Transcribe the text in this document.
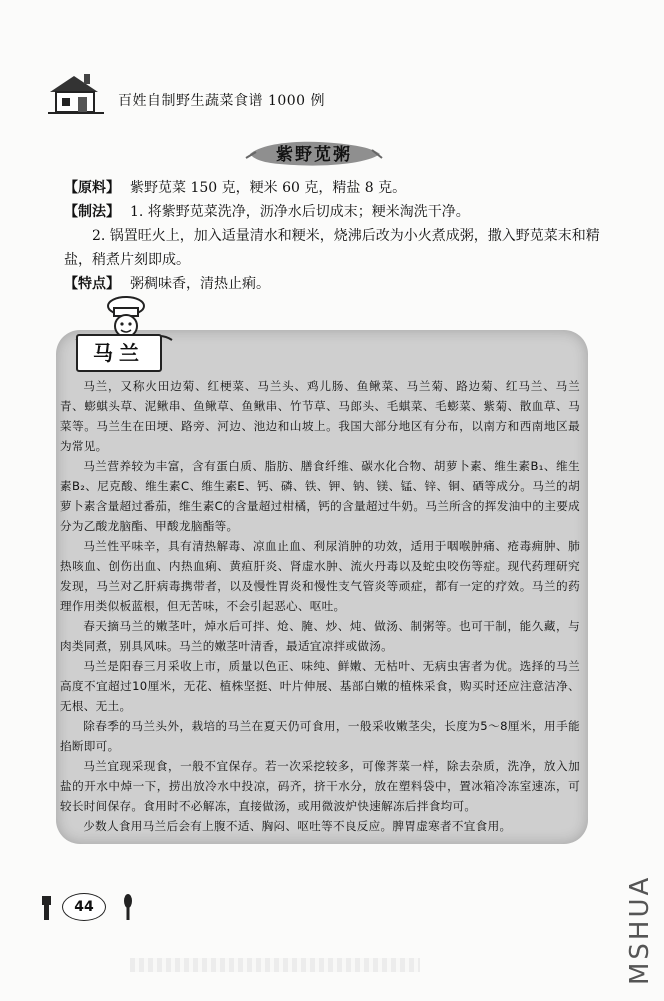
百姓自制野生蔬菜食谱 1000 例
紫野苋粥

【原料】 紫野苋菜 150 克，粳米 60 克，精盐 8 克。

【制法】 1. 将紫野苋菜洗净，沥净水后切成末；粳米淘洗干净。

2. 锅置旺火上，加入适量清水和粳米，烧沸后改为小火煮成粥，撒入野苋菜末和精盐，稍煮片刻即成。

【特点】 粥稠味香，清热止痢。

马兰

马兰，又称火田边菊、红梗菜、马兰头、鸡儿肠、鱼鳅菜、马兰菊、路边菊、红马兰、马兰青、蟛蜞头草、泥鳅串、鱼鳅草、鱼鳅串、竹节草、马郎头、毛蜞菜、毛蟛菜、紫菊、散血草、马菜等。马兰生在田埂、路旁、河边、池边和山坡上。我国大部分地区有分布，以南方和西南地区最为常见。

马兰营养较为丰富，含有蛋白质、脂肪、膳食纤维、碳水化合物、胡萝卜素、维生素B₁、维生素B₂、尼克酸、维生素C、维生素E、钙、磷、铁、钾、钠、镁、锰、锌、铜、硒等成分。马兰的胡萝卜素含量超过番茄，维生素C的含量超过柑橘，钙的含量超过牛奶。马兰所含的挥发油中的主要成分为乙酸龙脑酯、甲酸龙脑酯等。

马兰性平味辛，具有清热解毒、凉血止血、利尿消肿的功效，适用于咽喉肿痛、疮毒痈肿、肺热咳血、创伤出血、内热血痢、黄疸肝炎、肾虚水肿、流火丹毒以及蛇虫咬伤等症。现代药理研究发现，马兰对乙肝病毒携带者，以及慢性胃炎和慢性支气管炎等顽症，都有一定的疗效。马兰的药理作用类似板蓝根，但无苦味，不会引起恶心、呕吐。

春天摘马兰的嫩茎叶，焯水后可拌、炝、腌、炒、炖、做汤、制粥等。也可干制，能久藏，与肉类同煮，别具风味。马兰的嫩茎叶清香，最适宜凉拌或做汤。

马兰是阳春三月采收上市，质量以色正、味纯、鲜嫩、无枯叶、无病虫害者为优。选择的马兰高度不宜超过10厘米，无花、植株坚挺、叶片伸展、基部白嫩的植株采食，购买时还应注意洁净、无根、无土。

除春季的马兰头外，栽培的马兰在夏天仍可食用，一般采收嫩茎尖，长度为5～8厘米，用手能掐断即可。

马兰宜现采现食，一般不宜保存。若一次采挖较多，可像荠菜一样，除去杂质，洗净，放入加盐的开水中焯一下，捞出放冷水中投凉，码齐，挤干水分，放在塑料袋中，置冰箱冷冻室速冻，可较长时间保存。食用时不必解冻，直接做汤，或用微波炉快速解冻后拌食均可。

少数人食用马兰后会有上腹不适、胸闷、呕吐等不良反应。脾胃虚寒者不宜食用。

44	MSHUA
